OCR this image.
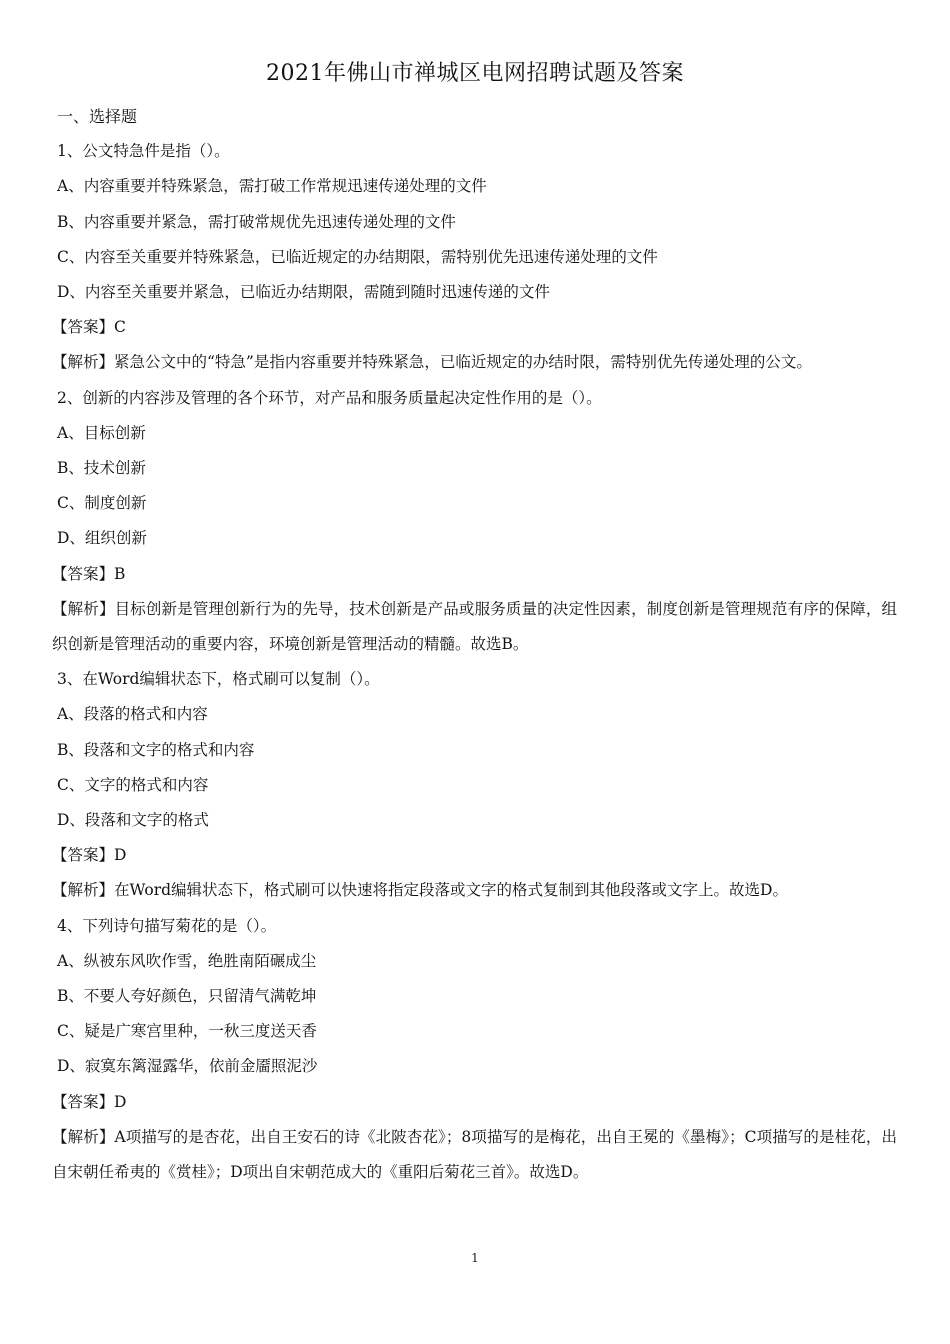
2021年佛山市禅城区电网招聘试题及答案

一、选择题

1、公文特急件是指（）。

A、内容重要并特殊紧急，需打破工作常规迅速传递处理的文件

B、内容重要并紧急，需打破常规优先迅速传递处理的文件

C、内容至关重要并特殊紧急，已临近规定的办结期限，需特别优先迅速传递处理的文件

D、内容至关重要并紧急，已临近办结期限，需随到随时迅速传递的文件

【答案】C

【解析】紧急公文中的“特急”是指内容重要并特殊紧急，已临近规定的办结时限，需特别优先传递处理的公文。

2、创新的内容涉及管理的各个环节，对产品和服务质量起决定性作用的是（）。

A、目标创新

B、技术创新

C、制度创新

D、组织创新

【答案】B

【解析】目标创新是管理创新行为的先导，技术创新是产品或服务质量的决定性因素，制度创新是管理规范有序的保障，组织创新是管理活动的重要内容，环境创新是管理活动的精髓。故选B。

3、在Word编辑状态下，格式刷可以复制（）。

A、段落的格式和内容

B、段落和文字的格式和内容

C、文字的格式和内容

D、段落和文字的格式

【答案】D

【解析】在Word编辑状态下，格式刷可以快速将指定段落或文字的格式复制到其他段落或文字上。故选D。

4、下列诗句描写菊花的是（）。

A、纵被东风吹作雪，绝胜南陌碾成尘

B、不要人夸好颜色，只留清气满乾坤

C、疑是广寒宫里种，一秋三度送天香

D、寂寞东篱湿露华，依前金靥照泥沙

【答案】D

【解析】A项描写的是杏花，出自王安石的诗《北陂杏花》；8项描写的是梅花，出自王冕的《墨梅》；C项描写的是桂花，出自宋朝任希夷的《赏桂》；D项出自宋朝范成大的《重阳后菊花三首》。故选D。

1
